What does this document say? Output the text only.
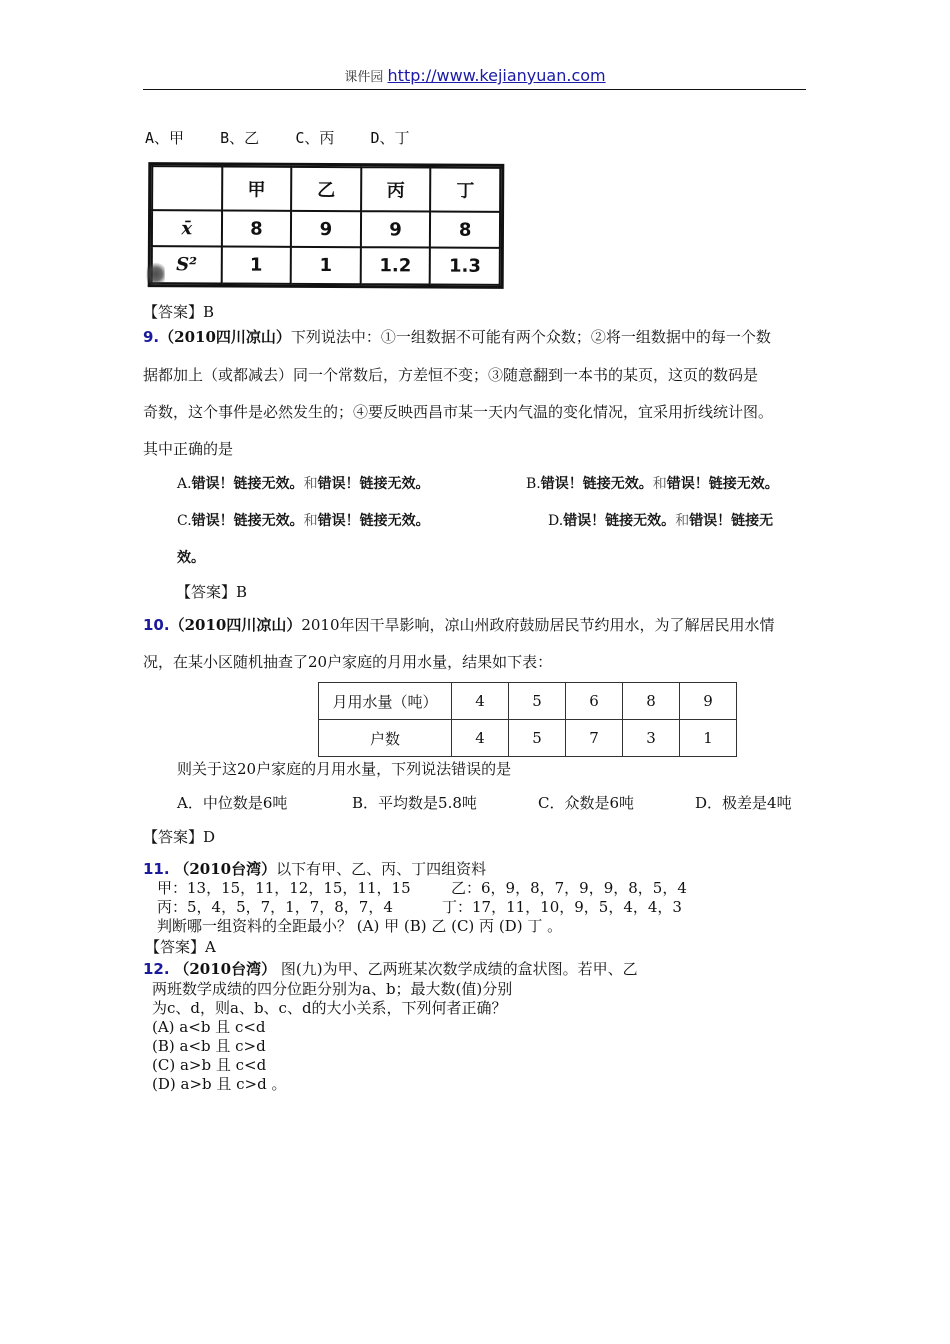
课件园 http://www.kejianyuan.com
A、甲 B、乙 C、丙 D、丁
	甲	乙	丙	丁
x̄	8	9	9	8
S²	1	1	1.2	1.3
【答案】B
9.（2010四川凉山）下列说法中：①一组数据不可能有两个众数；②将一组数据中的每一个数
据都加上（或都减去）同一个常数后，方差恒不变；③随意翻到一本书的某页，这页的数码是
奇数，这个事件是必然发生的；④要反映西昌市某一天内气温的变化情况，宜采用折线统计图。
其中正确的是
A.错误！链接无效。和错误！链接无效。	B.错误！链接无效。和错误！链接无效。
C.错误！链接无效。和错误！链接无效。	D.错误！链接无效。和错误！链接无
效。
【答案】B
10.（2010四川凉山）2010年因干旱影响，凉山州政府鼓励居民节约用水，为了解居民用水情
况，在某小区随机抽查了20户家庭的月用水量，结果如下表：
月用水量（吨）	4	5	6	8	9
户数	4	5	7	3	1
则关于这20户家庭的月用水量，下列说法错误的是
A．中位数是6吨	B．平均数是5.8吨	C．众数是6吨	D．极差是4吨
【答案】D
11. （2010台湾）以下有甲、乙、丙、丁四组资料
甲：13，15，11，12，15，11，15	乙：6，9，8，7，9，9，8，5，4
丙：5，4，5，7，1，7，8，7，4	丁：17，11，10，9，5，4，4，3
判断哪一组资料的全距最小？ (A) 甲 (B) 乙 (C) 丙 (D) 丁 。
【答案】A
12. （2010台湾） 图(九)为甲、乙两班某次数学成绩的盒状图。若甲、乙
两班数学成绩的四分位距分别为a、b；最大数(值)分别
为c、d，则a、b、c、d的大小关系，下列何者正确？
(A) a<b 且 c<d
(B) a<b 且 c>d
(C) a>b 且 c<d
(D) a>b 且 c>d 。
